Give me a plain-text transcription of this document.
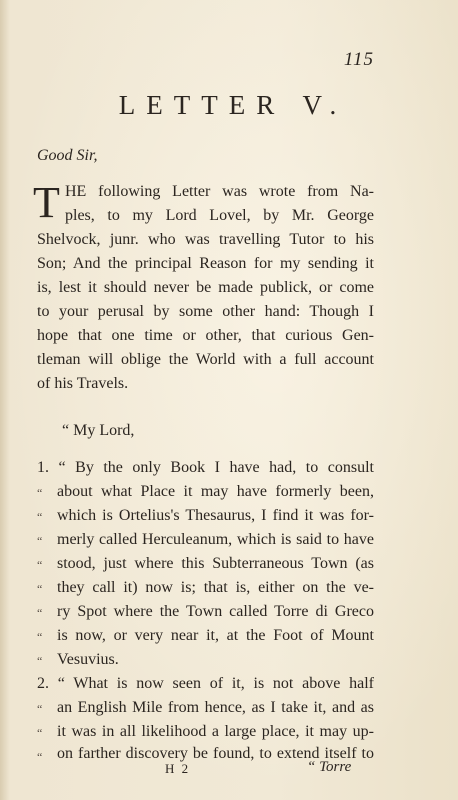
115
LETTER V.
Good Sir,
T HE following Letter was wrote from Na-
ples, to my Lord Lovel, by Mr. George
Shelvock, junr. who was travelling Tutor to his
Son; And the principal Reason for my sending it
is, lest it should never be made publick, or come
to your perusal by some other hand: Though I
hope that one time or other, that curious Gen-
tleman will oblige the World with a full account
of his Travels.
“ My Lord,
1. “ By the only Book I have had, to consult
“ about what Place it may have formerly been,
“ which is Ortelius's Thesaurus, I find it was for-
“ merly called Herculeanum, which is said to have
“ stood, just where this Subterraneous Town (as
“ they call it) now is; that is, either on the ve-
“ ry Spot where the Town called Torre di Greco
“ is now, or very near it, at the Foot of Mount
“ Vesuvius.
2. “ What is now seen of it, is not above half
“ an English Mile from hence, as I take it, and as
“ it was in all likelihood a large place, it may up-
“ on farther discovery be found, to extend itself to
H 2	“ Torre
